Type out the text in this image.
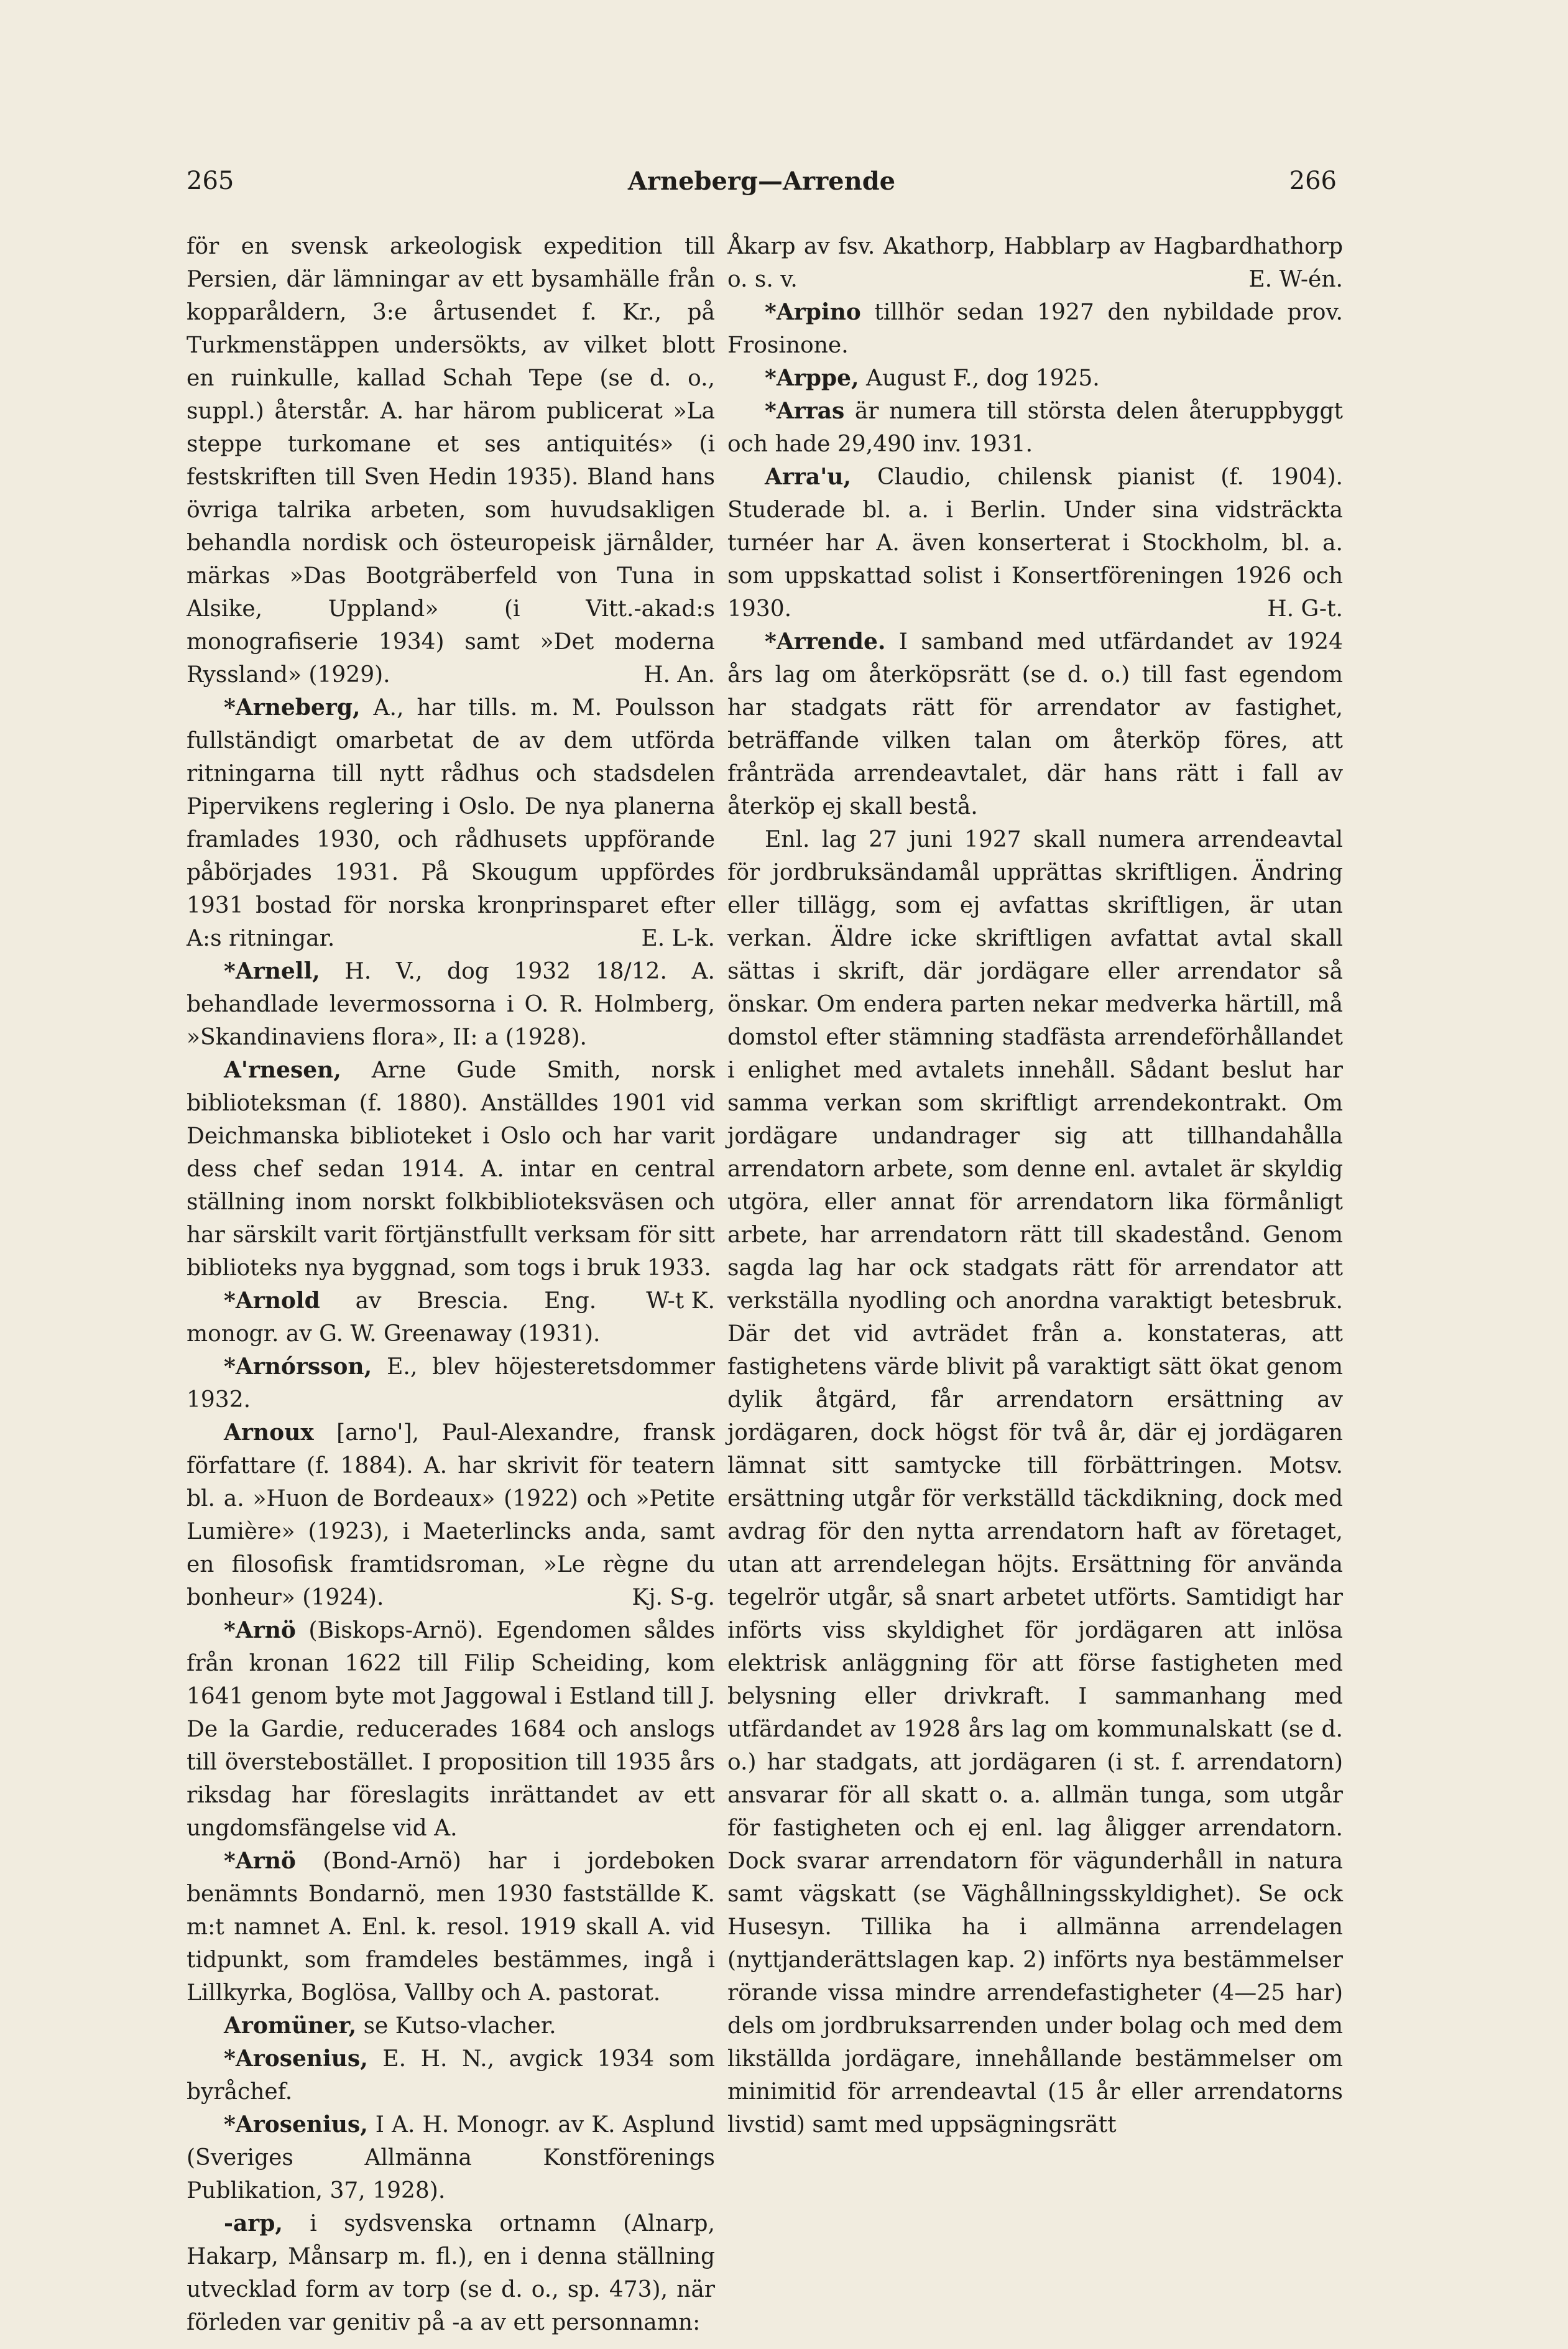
265	Arneberg—Arrende	266

för en svensk arkeologisk expedition till Persien, där lämningar av ett bysamhälle från kopparåldern, 3:e årtusendet f. Kr., på Turkmenstäppen undersökts, av vilket blott en ruinkulle, kallad Schah Tepe (se d. o., suppl.) återstår. A. har härom publicerat »La steppe turkomane et ses antiquités» (i festskriften till Sven Hedin 1935). Bland hans övriga talrika arbeten, som huvudsakligen behandla nordisk och östeuropeisk järnålder, märkas »Das Bootgräberfeld von Tuna in Alsike, Uppland» (i Vitt.-akad:s monografiserie 1934) samt »Det moderna Ryssland» (1929).	H. An.

*Arneberg, A., har tills. m. M. Poulsson fullständigt omarbetat de av dem utförda ritningarna till nytt rådhus och stadsdelen Pipervikens reglering i Oslo. De nya planerna framlades 1930, och rådhusets uppförande påbörjades 1931. På Skougum uppfördes 1931 bostad för norska kronprinsparet efter A:s ritningar.	E. L-k.

*Arnell, H. V., dog 1932 18/12. A. behandlade levermossorna i O. R. Holmberg, »Skandinaviens flora», II: a (1928).

A'rnesen, Arne Gude Smith, norsk biblioteksman (f. 1880). Anställdes 1901 vid Deichmanska biblioteket i Oslo och har varit dess chef sedan 1914. A. intar en central ställning inom norskt folkbiblioteksväsen och har särskilt varit förtjänstfullt verksam för sitt biblioteks nya byggnad, som togs i bruk 1933.
W-t K.

*Arnold av Brescia. Eng. monogr. av G. W. Greenaway (1931).

*Arnórsson, E., blev höjesteretsdommer 1932.

Arnoux [arno'], Paul-Alexandre, fransk författare (f. 1884). A. har skrivit för teatern bl. a. »Huon de Bordeaux» (1922) och »Petite Lumière» (1923), i Maeterlincks anda, samt en filosofisk framtidsroman, »Le règne du bonheur» (1924).	Kj. S-g.

*Arnö (Biskops-Arnö). Egendomen såldes från kronan 1622 till Filip Scheiding, kom 1641 genom byte mot Jaggowal i Estland till J. De la Gardie, reducerades 1684 och anslogs till överstebostället. I proposition till 1935 års riksdag har föreslagits inrättandet av ett ungdomsfängelse vid A.

*Arnö (Bond-Arnö) har i jordeboken benämnts Bondarnö, men 1930 fastställde K. m:t namnet A. Enl. k. resol. 1919 skall A. vid tidpunkt, som framdeles bestämmes, ingå i Lillkyrka, Boglösa, Vallby och A. pastorat.

Aromüner, se Kutso-vlacher.

*Arosenius, E. H. N., avgick 1934 som byråchef.

*Arosenius, I A. H. Monogr. av K. Asplund (Sveriges Allmänna Konstförenings Publikation, 37, 1928).

-arp, i sydsvenska ortnamn (Alnarp, Hakarp, Månsarp m. fl.), en i denna ställning utvecklad form av torp (se d. o., sp. 473), när förleden var genitiv på -a av ett personnamn:

Åkarp av fsv. Akathorp, Habblarp av Hagbardhathorp o. s. v.	E. W-én.

*Arpino tillhör sedan 1927 den nybildade prov. Frosinone.

*Arppe, August F., dog 1925.

*Arras är numera till största delen återuppbyggt och hade 29,490 inv. 1931.

Arra'u, Claudio, chilensk pianist (f. 1904). Studerade bl. a. i Berlin. Under sina vidsträckta turnéer har A. även konserterat i Stockholm, bl. a. som uppskattad solist i Konsertföreningen 1926 och 1930.	H. G-t.

*Arrende. I samband med utfärdandet av 1924 års lag om återköpsrätt (se d. o.) till fast egendom har stadgats rätt för arrendator av fastighet, beträffande vilken talan om återköp föres, att frånträda arrendeavtalet, där hans rätt i fall av återköp ej skall bestå.

Enl. lag 27 juni 1927 skall numera arrendeavtal för jordbruksändamål upprättas skriftligen. Ändring eller tillägg, som ej avfattas skriftligen, är utan verkan. Äldre icke skriftligen avfattat avtal skall sättas i skrift, där jordägare eller arrendator så önskar. Om endera parten nekar medverka härtill, må domstol efter stämning stadfästa arrendeförhållandet i enlighet med avtalets innehåll. Sådant beslut har samma verkan som skriftligt arrendekontrakt. Om jordägare undandrager sig att tillhandahålla arrendatorn arbete, som denne enl. avtalet är skyldig utgöra, eller annat för arrendatorn lika förmånligt arbete, har arrendatorn rätt till skadestånd. Genom sagda lag har ock stadgats rätt för arrendator att verkställa nyodling och anordna varaktigt betesbruk. Där det vid avträdet från a. konstateras, att fastighetens värde blivit på varaktigt sätt ökat genom dylik åtgärd, får arrendatorn ersättning av jordägaren, dock högst för två år, där ej jordägaren lämnat sitt samtycke till förbättringen. Motsv. ersättning utgår för verkställd täckdikning, dock med avdrag för den nytta arrendatorn haft av företaget, utan att arrendelegan höjts. Ersättning för använda tegelrör utgår, så snart arbetet utförts. Samtidigt har införts viss skyldighet för jordägaren att inlösa elektrisk anläggning för att förse fastigheten med belysning eller drivkraft. I sammanhang med utfärdandet av 1928 års lag om kommunalskatt (se d. o.) har stadgats, att jordägaren (i st. f. arrendatorn) ansvarar för all skatt o. a. allmän tunga, som utgår för fastigheten och ej enl. lag åligger arrendatorn. Dock svarar arrendatorn för vägunderhåll in natura samt vägskatt (se Väghållningsskyldighet). Se ock Husesyn. Tillika ha i allmänna arrendelagen (nyttjanderättslagen kap. 2) införts nya bestämmelser rörande vissa mindre arrendefastigheter (4—25 har) dels om jordbruksarrenden under bolag och med dem likställda jordägare, innehållande bestämmelser om minimitid för arrendeavtal (15 år eller arrendatorns livstid) samt med uppsägningsrätt
